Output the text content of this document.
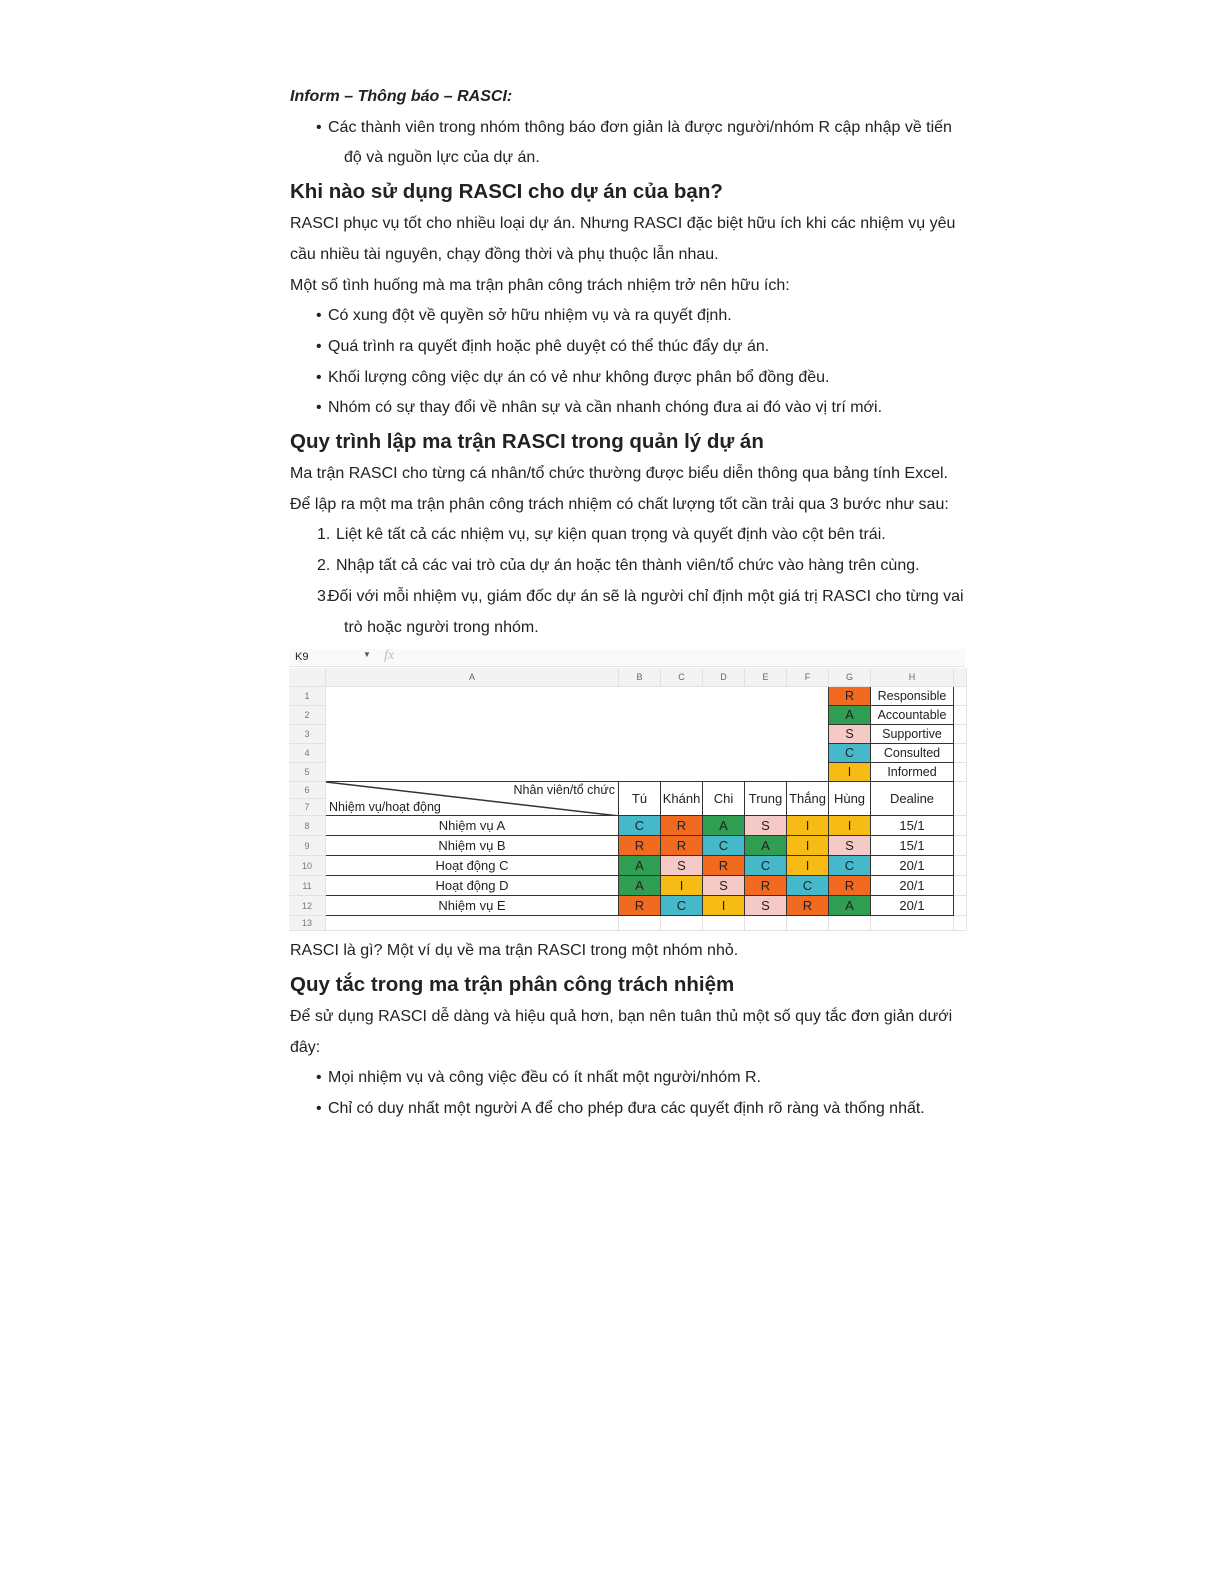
Inform – Thông báo – RASCI:

• Các thành viên trong nhóm thông báo đơn giản là được người/nhóm R cập nhập về tiến độ và nguồn lực của dự án.
Khi nào sử dụng RASCI cho dự án của bạn?

RASCI phục vụ tốt cho nhiều loại dự án. Nhưng RASCI đặc biệt hữu ích khi các nhiệm vụ yêu cầu nhiều tài nguyên, chạy đồng thời và phụ thuộc lẫn nhau.

Một số tình huống mà ma trận phân công trách nhiệm trở nên hữu ích:

• Có xung đột về quyền sở hữu nhiệm vụ và ra quyết định.
• Quá trình ra quyết định hoặc phê duyệt có thể thúc đẩy dự án.
• Khối lượng công việc dự án có vẻ như không được phân bổ đồng đều.
• Nhóm có sự thay đổi về nhân sự và cần nhanh chóng đưa ai đó vào vị trí mới.
Quy trình lập ma trận RASCI trong quản lý dự án

Ma trận RASCI cho từng cá nhân/tổ chức thường được biểu diễn thông qua bảng tính Excel. Để lập ra một ma trận phân công trách nhiệm có chất lượng tốt cần trải qua 3 bước như sau:

1. Liệt kê tất cả các nhiệm vụ, sự kiện quan trọng và quyết định vào cột bên trái.
2. Nhập tất cả các vai trò của dự án hoặc tên thành viên/tổ chức vào hàng trên cùng.
3.
Đối với mỗi nhiệm vụ, giám đốc dự án sẽ là người chỉ định một giá trị RASCI cho từng vai trò hoặc người trong nhóm.
K9	▼ fx
A	B	C	D	E	F	G	H
1
2
3
4
5
6
7
8
9
10
11
12
13
R	Responsible
A	Accountable
S	Supportive
C	Consulted
I	Informed
Nhân viên/tổ chức
Nhiệm vụ/hoạt động
Tú	Khánh	Chi	Trung Thắng Hùng	Dealine
Nhiệm vụ A	C	R	A	S	I	I	15/1
Nhiệm vụ B	R	R	C	A	I	S	15/1
Hoạt động C	A	S	R	C	I	C	20/1
Hoạt động D	A	I	S	R	C	R	20/1
Nhiệm vụ E	R	C	I	S	R	A	20/1

RASCI là gì? Một ví dụ về ma trận RASCI trong một nhóm nhỏ.

Quy tắc trong ma trận phân công trách nhiệm

Để sử dụng RASCI dễ dàng và hiệu quả hơn, bạn nên tuân thủ một số quy tắc đơn giản dưới đây:

• Mọi nhiệm vụ và công việc đều có ít nhất một người/nhóm R.
• Chỉ có duy nhất một người A để cho phép đưa các quyết định rõ ràng và thống nhất.
